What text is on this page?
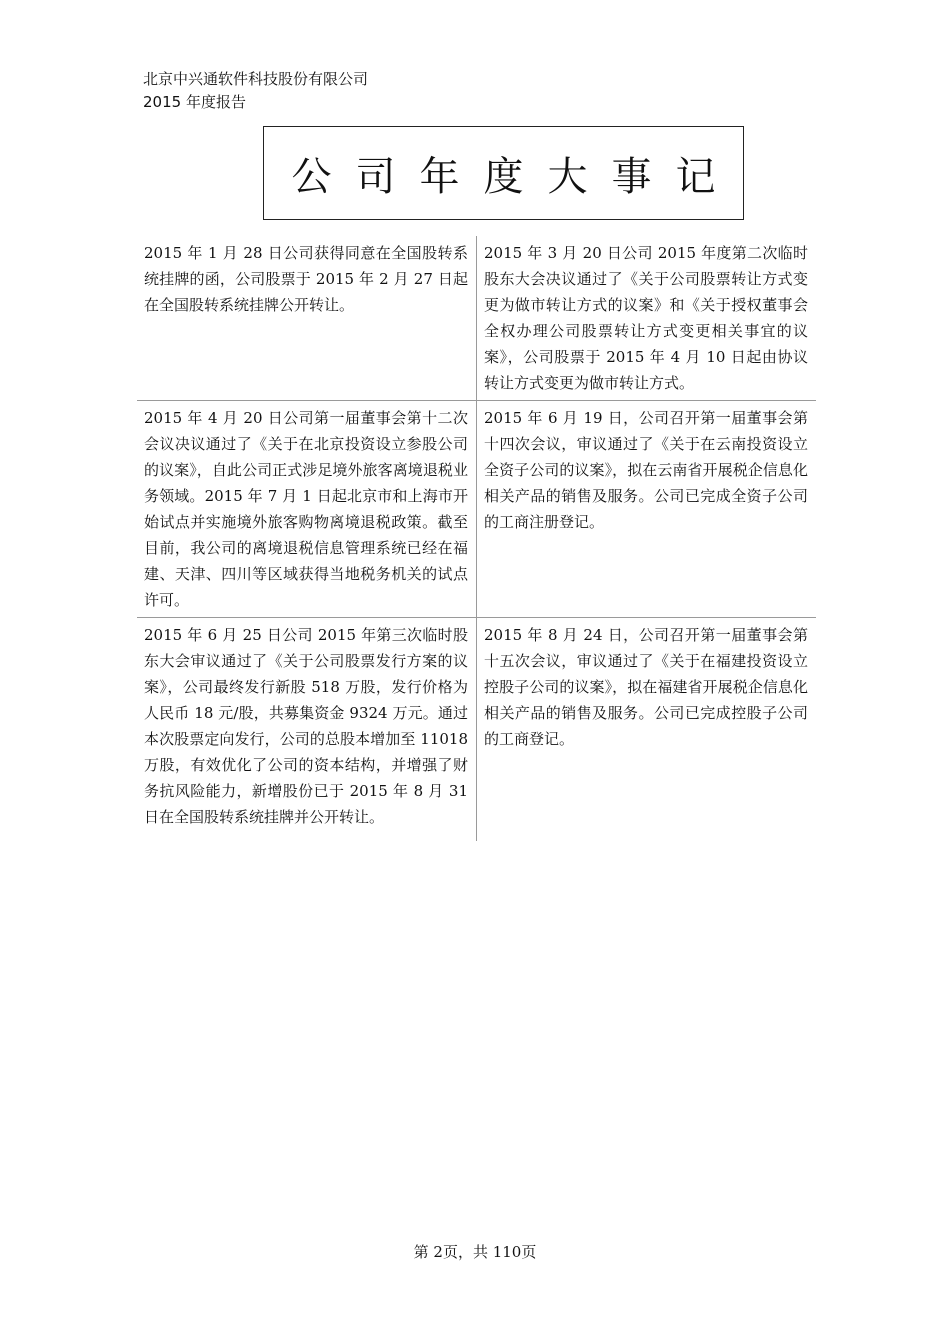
北京中兴通软件科技股份有限公司
2015 年度报告
公司年度大事记
2015 年 1 月 28 日公司获得同意在全国股转系统挂牌的函，公司股票于 2015 年 2 月 27 日起在全国股转系统挂牌公开转让。	2015 年 3 月 20 日公司 2015 年度第二次临时股东大会决议通过了《关于公司股票转让方式变更为做市转让方式的议案》和《关于授权董事会全权办理公司股票转让方式变更相关事宜的议案》，公司股票于 2015 年 4 月 10 日起由协议转让方式变更为做市转让方式。
2015 年 4 月 20 日公司第一届董事会第十二次会议决议通过了《关于在北京投资设立参股公司的议案》，自此公司正式涉足境外旅客离境退税业务领域。2015 年 7 月 1 日起北京市和上海市开始试点并实施境外旅客购物离境退税政策。截至目前，我公司的离境退税信息管理系统已经在福建、天津、四川等区域获得当地税务机关的试点许可。	2015 年 6 月 19 日，公司召开第一届董事会第十四次会议，审议通过了《关于在云南投资设立全资子公司的议案》，拟在云南省开展税企信息化相关产品的销售及服务。公司已完成全资子公司的工商注册登记。
2015 年 6 月 25 日公司 2015 年第三次临时股东大会审议通过了《关于公司股票发行方案的议案》，公司最终发行新股 518 万股，发行价格为人民币 18 元/股，共募集资金 9324 万元。通过本次股票定向发行，公司的总股本增加至 11018 万股，有效优化了公司的资本结构，并增强了财务抗风险能力，新增股份已于 2015 年 8 月 31 日在全国股转系统挂牌并公开转让。	2015 年 8 月 24 日，公司召开第一届董事会第十五次会议，审议通过了《关于在福建投资设立控股子公司的议案》，拟在福建省开展税企信息化相关产品的销售及服务。公司已完成控股子公司的工商登记。
第 2页，共 110页
